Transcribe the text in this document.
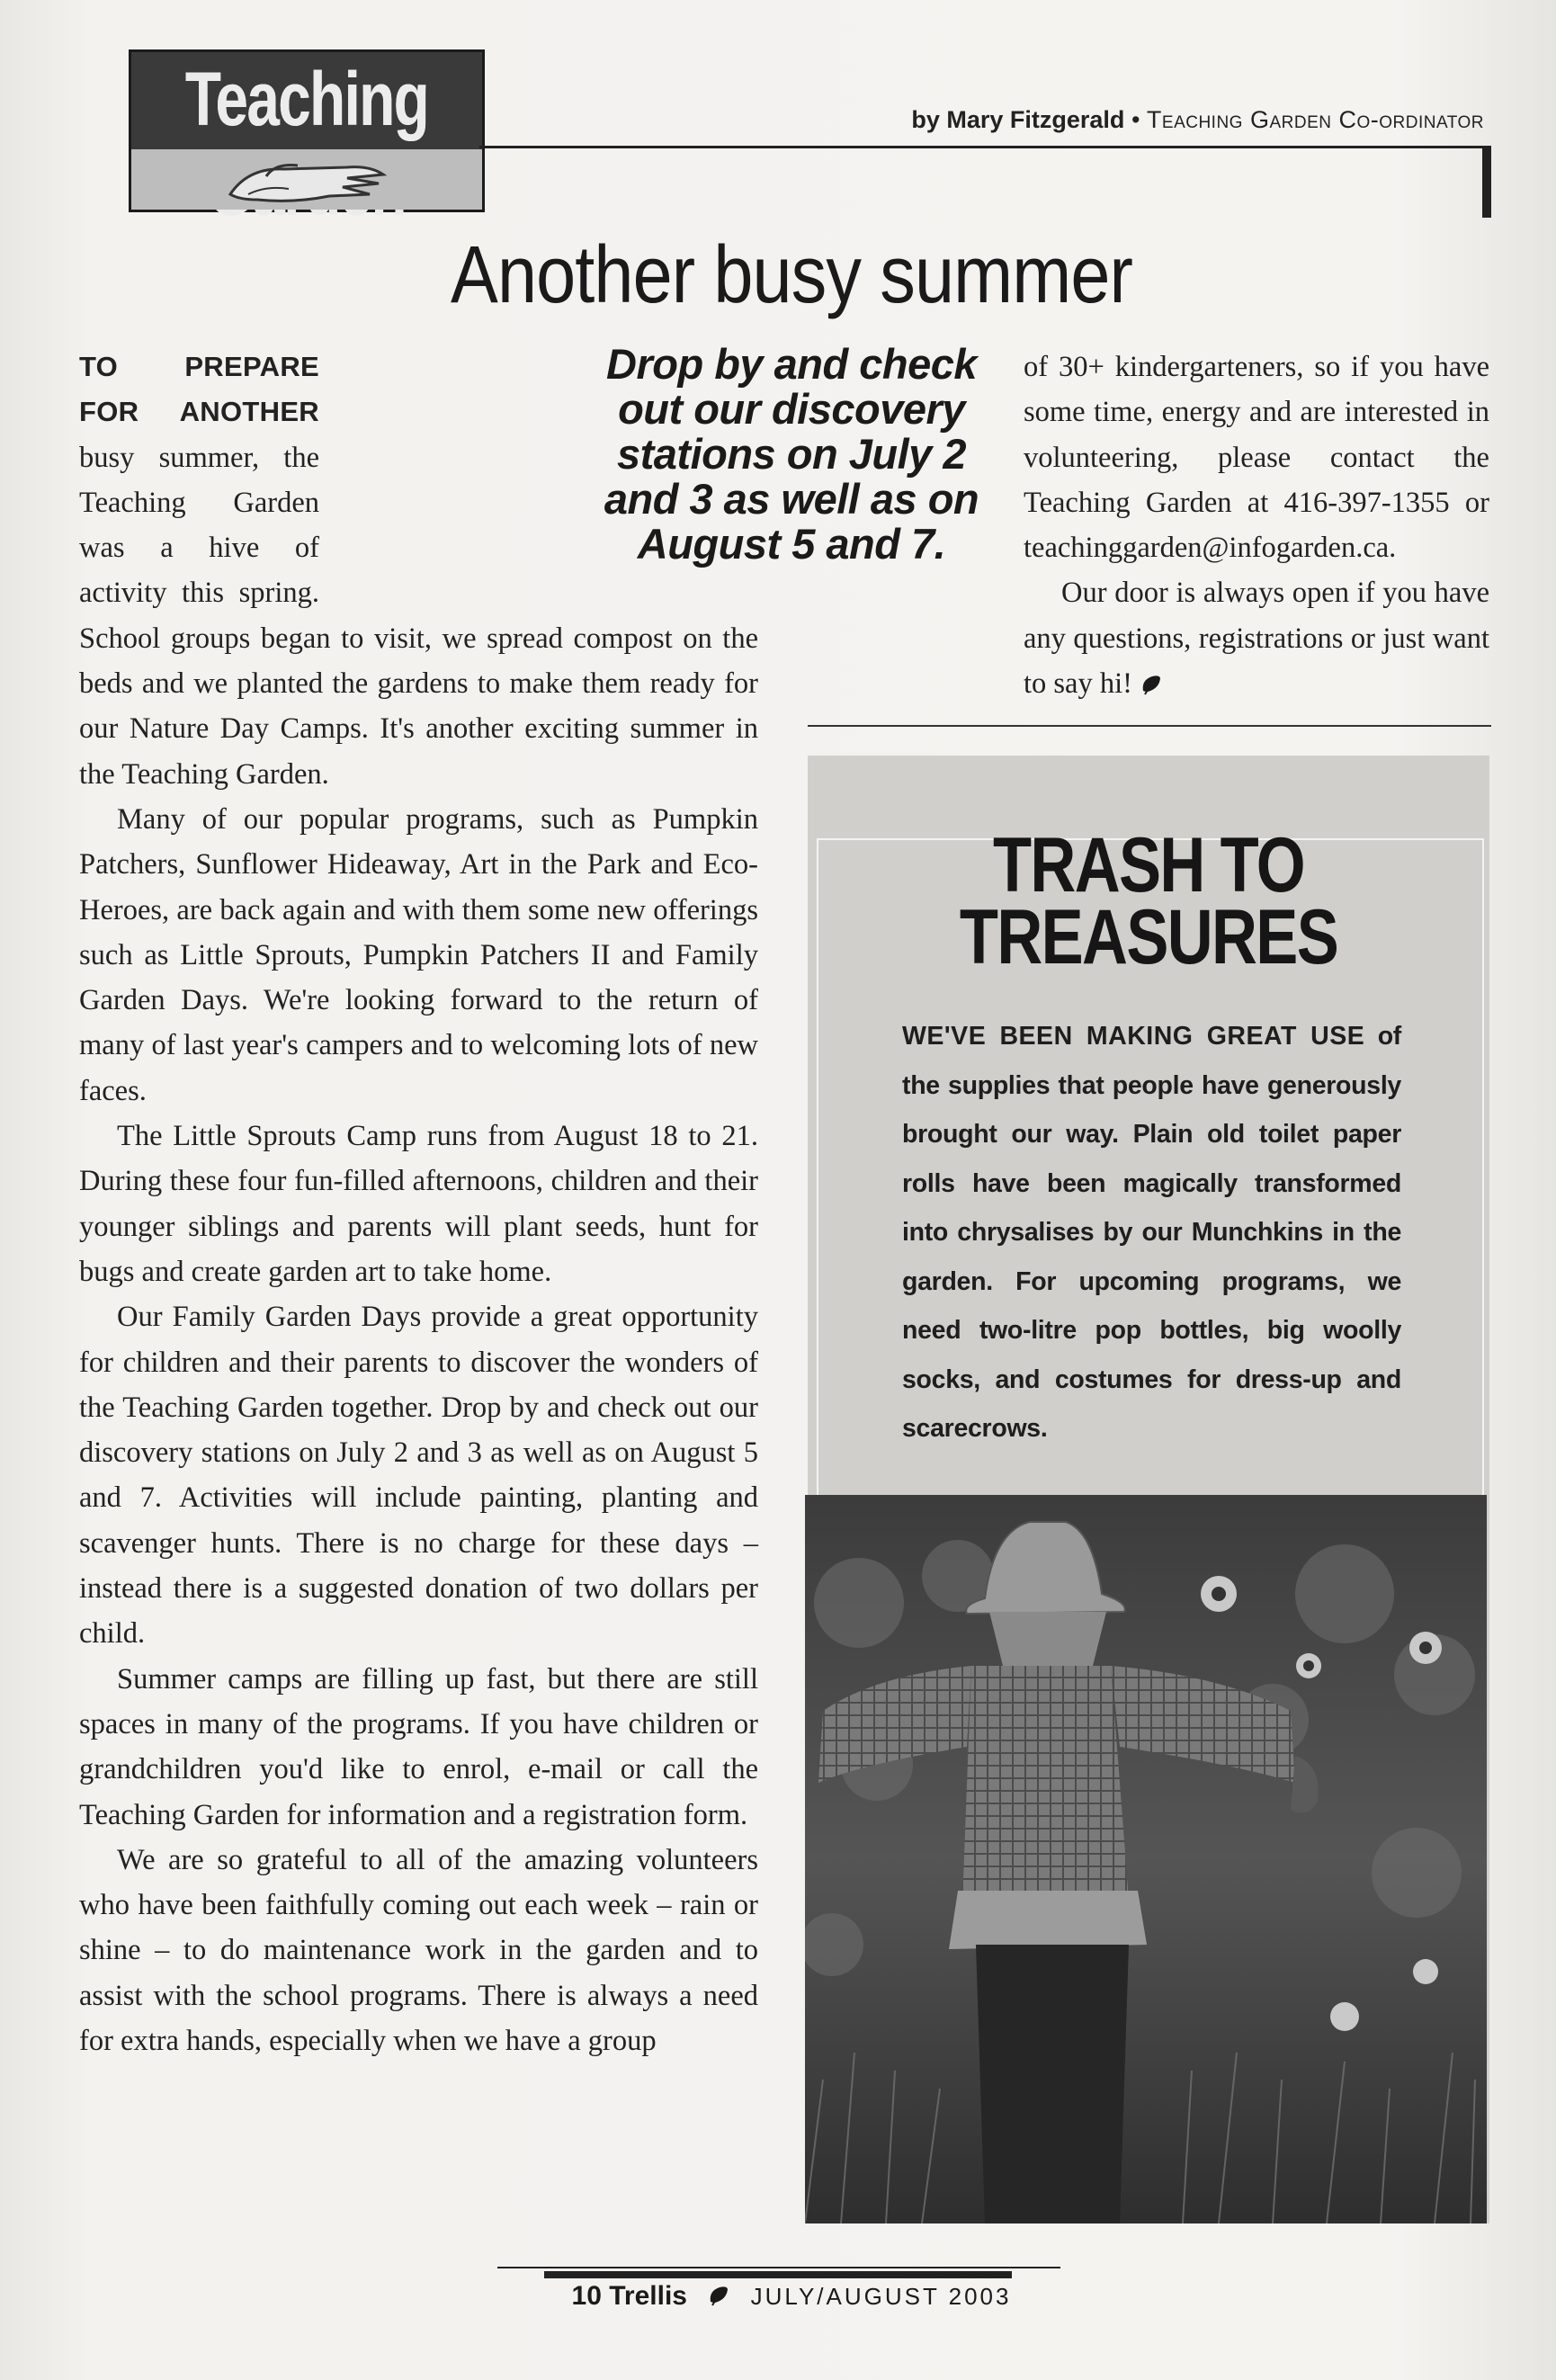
Teaching	by Mary Fitzgerald • Teaching Garden Co-ordinator
Another busy summer
Drop by and check out our discovery stations on July 2 and 3 as well as on August 5 and 7.

TO PREPARE FOR ANOTHER busy summer, the Teaching Garden was a hive of activity this spring. School groups began to visit, we spread compost on the beds and we planted the gardens to make them ready for our Nature Day Camps. It's another exciting summer in the Teaching Garden.

Many of our popular programs, such as Pumpkin Patchers, Sunflower Hideaway, Art in the Park and Eco-Heroes, are back again and with them some new offerings such as Little Sprouts, Pumpkin Patchers II and Family Garden Days. We're looking forward to the return of many of last year's campers and to welcoming lots of new faces.

The Little Sprouts Camp runs from August 18 to 21. During these four fun-filled afternoons, children and their younger siblings and parents will plant seeds, hunt for bugs and create garden art to take home.

Our Family Garden Days provide a great opportunity for children and their parents to discover the wonders of the Teaching Garden together. Drop by and check out our discovery stations on July 2 and 3 as well as on August 5 and 7. Activities will include painting, planting and scavenger hunts. There is no charge for these days – instead there is a suggested donation of two dollars per child.

Summer camps are filling up fast, but there are still spaces in many of the programs. If you have children or grandchildren you'd like to enrol, e-mail or call the Teaching Garden for information and a registration form.

We are so grateful to all of the amazing volunteers who have been faithfully coming out each week – rain or shine – to do maintenance work in the garden and to assist with the school programs. There is always a need for extra hands, especially when we have a group

of 30+ kindergarteners, so if you have some time, energy and are interested in volunteering, please contact the Teaching Garden at 416-397-1355 or teachinggarden@infogarden.ca.

Our door is always open if you have any questions, registrations or just want to say hi!

TRASH TO
TREASURES
WE'VE BEEN MAKING GREAT USE of the supplies that people have generously brought our way. Plain old toilet paper rolls have been magically transformed into chrysalises by our Munchkins in the garden. For upcoming programs, we need two-litre pop bottles, big woolly socks, and costumes for dress-up and scarecrows.
10 Trellis	JULY/AUGUST 2003
